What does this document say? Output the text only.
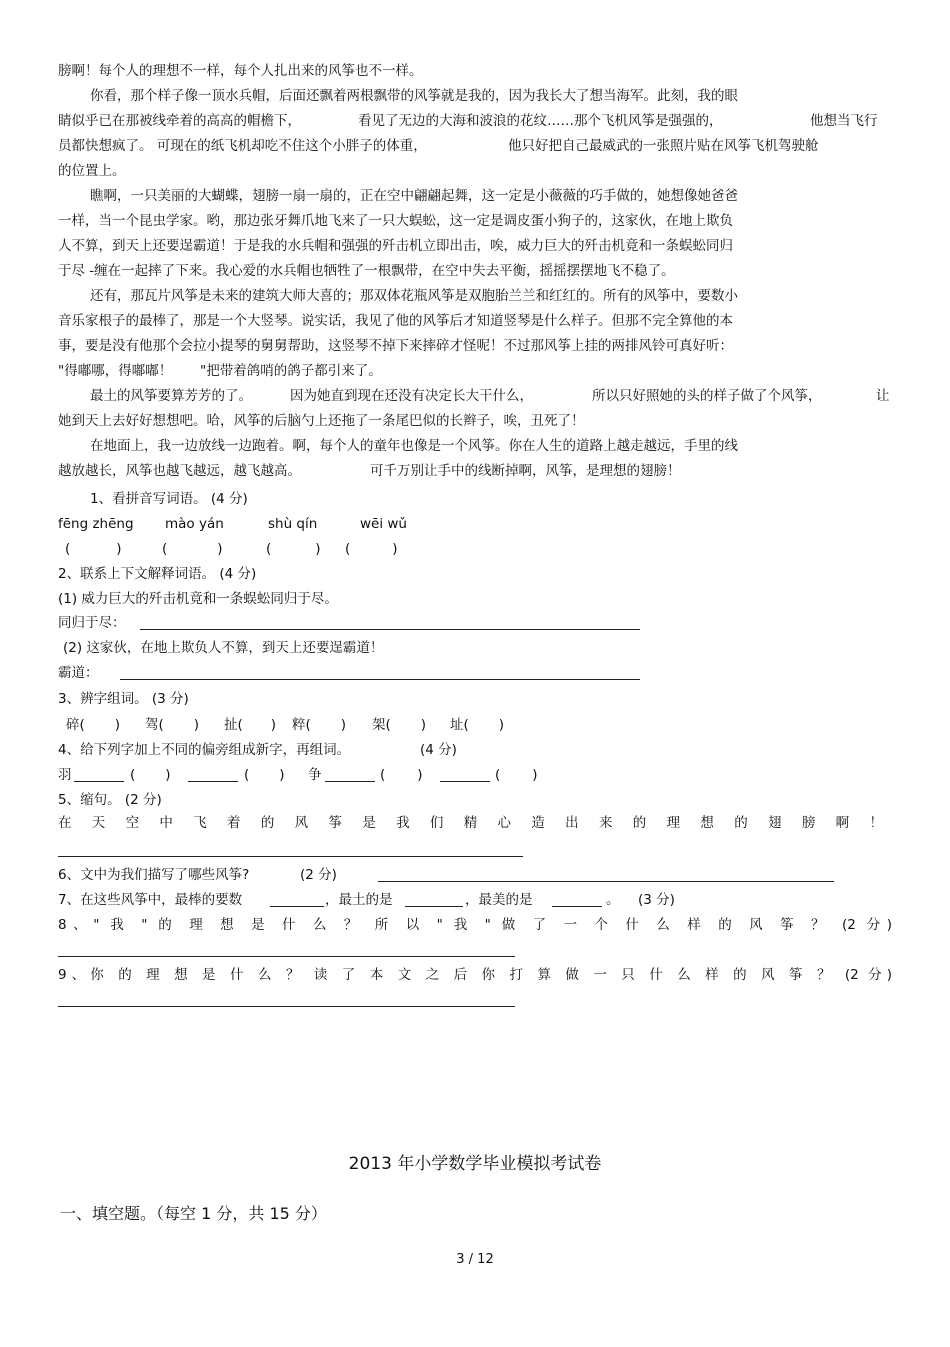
膀啊！每个人的理想不一样，每个人扎出来的风筝也不一样。
你看，那个样子像一顶水兵帽，后面还飘着两根飘带的风筝就是我的，因为我长大了想当海军。此刻，我的眼
睛似乎已在那被线牵着的高高的帽檐下，	看见了无边的大海和波浪的花纹……那个飞机风筝是强强的，	他想当飞行
员都快想疯了。 可现在的纸飞机却吃不住这个小胖子的体重，	他只好把自己最威武的一张照片贴在风筝飞机驾驶舱
的位置上。
瞧啊，一只美丽的大蝴蝶，翅膀一扇一扇的，正在空中翩翩起舞，这一定是小薇薇的巧手做的，她想像她爸爸
一样，当一个昆虫学家。哟，那边张牙舞爪地飞来了一只大蜈蚣，这一定是调皮蛋小狗子的，这家伙，在地上欺负
人不算，到天上还要逞霸道！于是我的水兵帽和强强的歼击机立即出击，唉，威力巨大的歼击机竟和一条蜈蚣同归
于尽 -缠在一起摔了下来。我心爱的水兵帽也牺牲了一根飘带，在空中失去平衡，摇摇摆摆地飞不稳了。
还有，那瓦片风筝是未来的建筑大师大喜的；那双体花瓶风筝是双胞胎兰兰和红红的。所有的风筝中，要数小
音乐家根子的最棒了，那是一个大竖琴。说实话，我见了他的风筝后才知道竖琴是什么样子。但那不完全算他的本
事，要是没有他那个会拉小提琴的舅舅帮助，这竖琴不掉下来摔碎才怪呢！不过那风筝上挂的两排风铃可真好听：
"得嘟哪，得嘟嘟！ "把带着鸽哨的鸽子都引来了。
最土的风筝要算芳芳的了。	因为她直到现在还没有决定长大干什么，	所以只好照她的头的样子做了个风筝，	让
她到天上去好好想想吧。哈，风筝的后脑勺上还拖了一条尾巴似的长辫子，唉，丑死了！
在地面上，我一边放线一边跑着。啊，每个人的童年也像是一个风筝。你在人生的道路上越走越远，手里的线
越放越长，风筝也越飞越远，越飞越高。	可千万别让手中的线断掉啊，风筝，是理想的翅膀！
1、看拼音写词语。 (4 分)
fēng zhēng mào yán	shù qín	wēi wǔ
(	)	(	)	(	) (	)
2、联系上下文解释词语。 (4 分)
(1) 威力巨大的歼击机竟和一条蜈蚣同归于尽。
同归于尽：
(2) 这家伙，在地上欺负人不算，到天上还要逞霸道！
霸道：
3、辨字组词。 (3 分)
碎( ) 驾( ) 扯( ) 粹( ) 架( ) 址( )
4、给下列字加上不同的偏旁组成新字，再组词。	(4 分)
羽	( )	( ) 争	( )	( )
5、缩句。 (2 分)
在天空中飞着的风筝是我们精心造出来的理想的翅膀啊！
6、文中为我们描写了哪些风筝?	(2 分)
7、在这些风筝中，最棒的要数	，最土的是	，最美的是	。 (3 分)
8、" 我 " 的 理 想 是 什 么 ？ 所 以 " 我 " 做 了 一 个 什 么 样 的 风 筝 ？ (2 分)
9、你 的 理 想 是 什 么 ？ 读 了 本 文 之 后 你 打 算 做 一 只 什 么 样 的 风 筝 ？ (2 分)
2013 年小学数学毕业模拟考试卷
一、填空题。（每空 1 分，共 15 分）
3 / 12
